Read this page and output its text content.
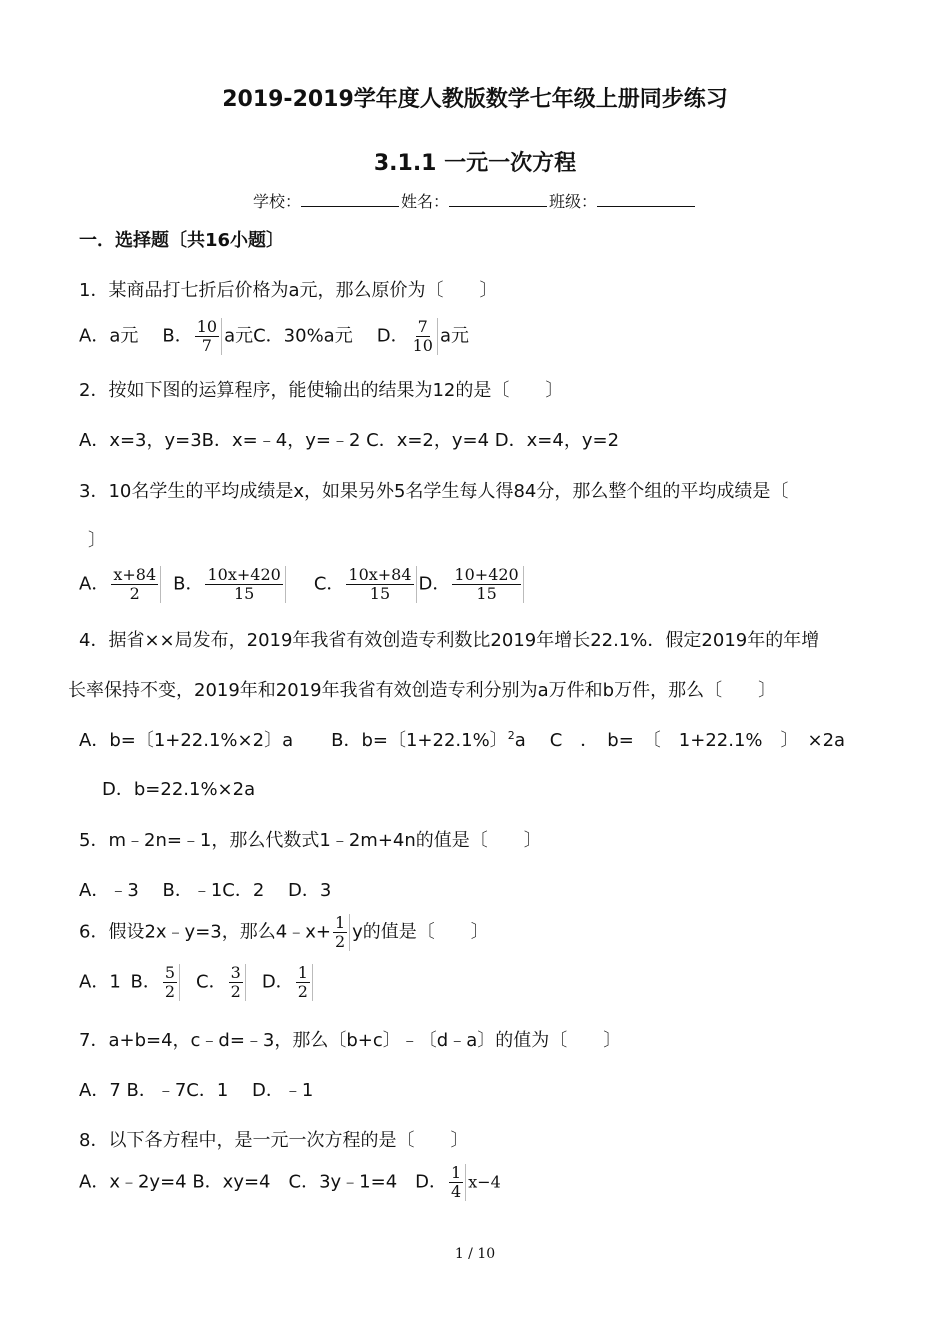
2019-2019学年度人教版数学七年级上册同步练习
3.1.1 一元一次方程
学校：	姓名：	班级：
一．选择题〔共16小题〕
1．某商品打七折后价格为a元，那么原价为〔　　〕
A．a元 B． $\frac{10}{7}$ a元C．30%a元 D． $\frac{7}{10}$ a元
2．按如下图的运算程序，能使输出的结果为12的是〔　　〕
A．x=3，y=3B．x=﹣4，y=﹣2 C．x=2，y=4 D．x=4，y=2
3．10名学生的平均成绩是x，如果另外5名学生每人得84分，那么整个组的平均成绩是〔
〕
A． $\frac{x+84}{2}$ B． $\frac{10x+420}{15}$ C． $\frac{10x+84}{15}$ D． $\frac{10+420}{15}$
4．据省××局发布，2019年我省有效创造专利数比2019年增长22.1%．假定2019年的年增
长率保持不变，2019年和2019年我省有效创造专利分别为a万件和b万件，那么〔　　〕
A．b=〔1+22.1%×2〕a B．b=〔1+22.1%〕$^2$a C　．　b=　〔　1+22.1%　〕　×2a
D．b=22.1%×2a
5．m﹣2n=﹣1，那么代数式1﹣2m+4n的值是〔　　〕
A．﹣3　 B．﹣1C．2　 D．3
6．假设2x﹣y=3，那么4﹣x+ $\frac{1}{2}$ y的值是〔　　〕
A．1 B． $\frac{5}{2}$ C． $\frac{3}{2}$ D． $\frac{1}{2}$
7．a+b=4，c﹣d=﹣3，那么〔b+c〕﹣〔d﹣a〕的值为〔　　〕
A．7 B．﹣7C．1　 D．﹣1
8．以下各方程中，是一元一次方程的是〔　　〕
A．x﹣2y=4 B．xy=4　C．3y﹣1=4　D． $\frac{1}{4} x-4$
1 / 10
